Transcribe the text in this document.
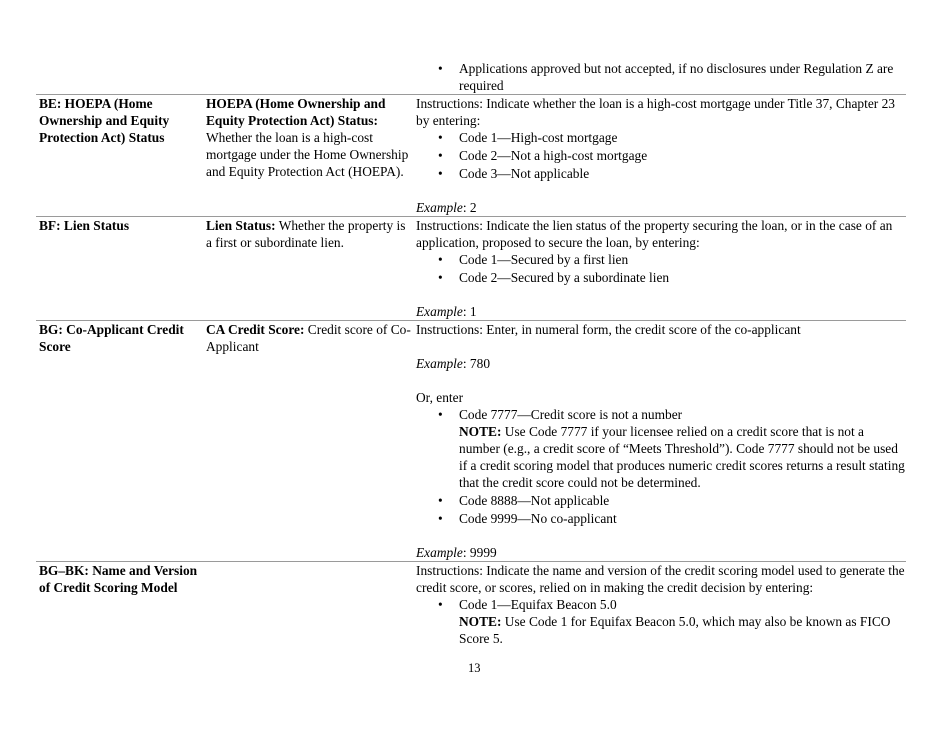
• Applications approved but not accepted, if no disclosures under Regulation Z are required
BE: HOEPA (Home Ownership and Equity Protection Act) Status
HOEPA (Home Ownership and Equity Protection Act) Status: Whether the loan is a high-cost mortgage under the Home Ownership and Equity Protection Act (HOEPA).
Instructions: Indicate whether the loan is a high-cost mortgage under Title 37, Chapter 23 by entering:
• Code 1—High-cost mortgage
• Code 2—Not a high-cost mortgage
• Code 3—Not applicable
Example: 2
BF: Lien Status	Lien Status: Whether the property is a first or subordinate lien.
Instructions: Indicate the lien status of the property securing the loan, or in the case of an application, proposed to secure the loan, by entering:
• Code 1—Secured by a first lien
• Code 2—Secured by a subordinate lien
Example: 1
BG: Co-Applicant Credit Score
CA Credit Score: Credit score of Co-Applicant
Instructions: Enter, in numeral form, the credit score of the co-applicant
Example: 780
Or, enter
• Code 7777—Credit score is not a number
NOTE: Use Code 7777 if your licensee relied on a credit score that is not a number (e.g., a credit score of “Meets Threshold”). Code 7777 should not be used if a credit scoring model that produces numeric credit scores returns a result stating that the credit score could not be determined.
• Code 8888—Not applicable
• Code 9999—No co-applicant
Example: 9999
BG–BK: Name and Version of Credit Scoring Model
Instructions: Indicate the name and version of the credit scoring model used to generate the credit score, or scores, relied on in making the credit decision by entering:
• Code 1—Equifax Beacon 5.0
NOTE: Use Code 1 for Equifax Beacon 5.0, which may also be known as FICO Score 5.
13
